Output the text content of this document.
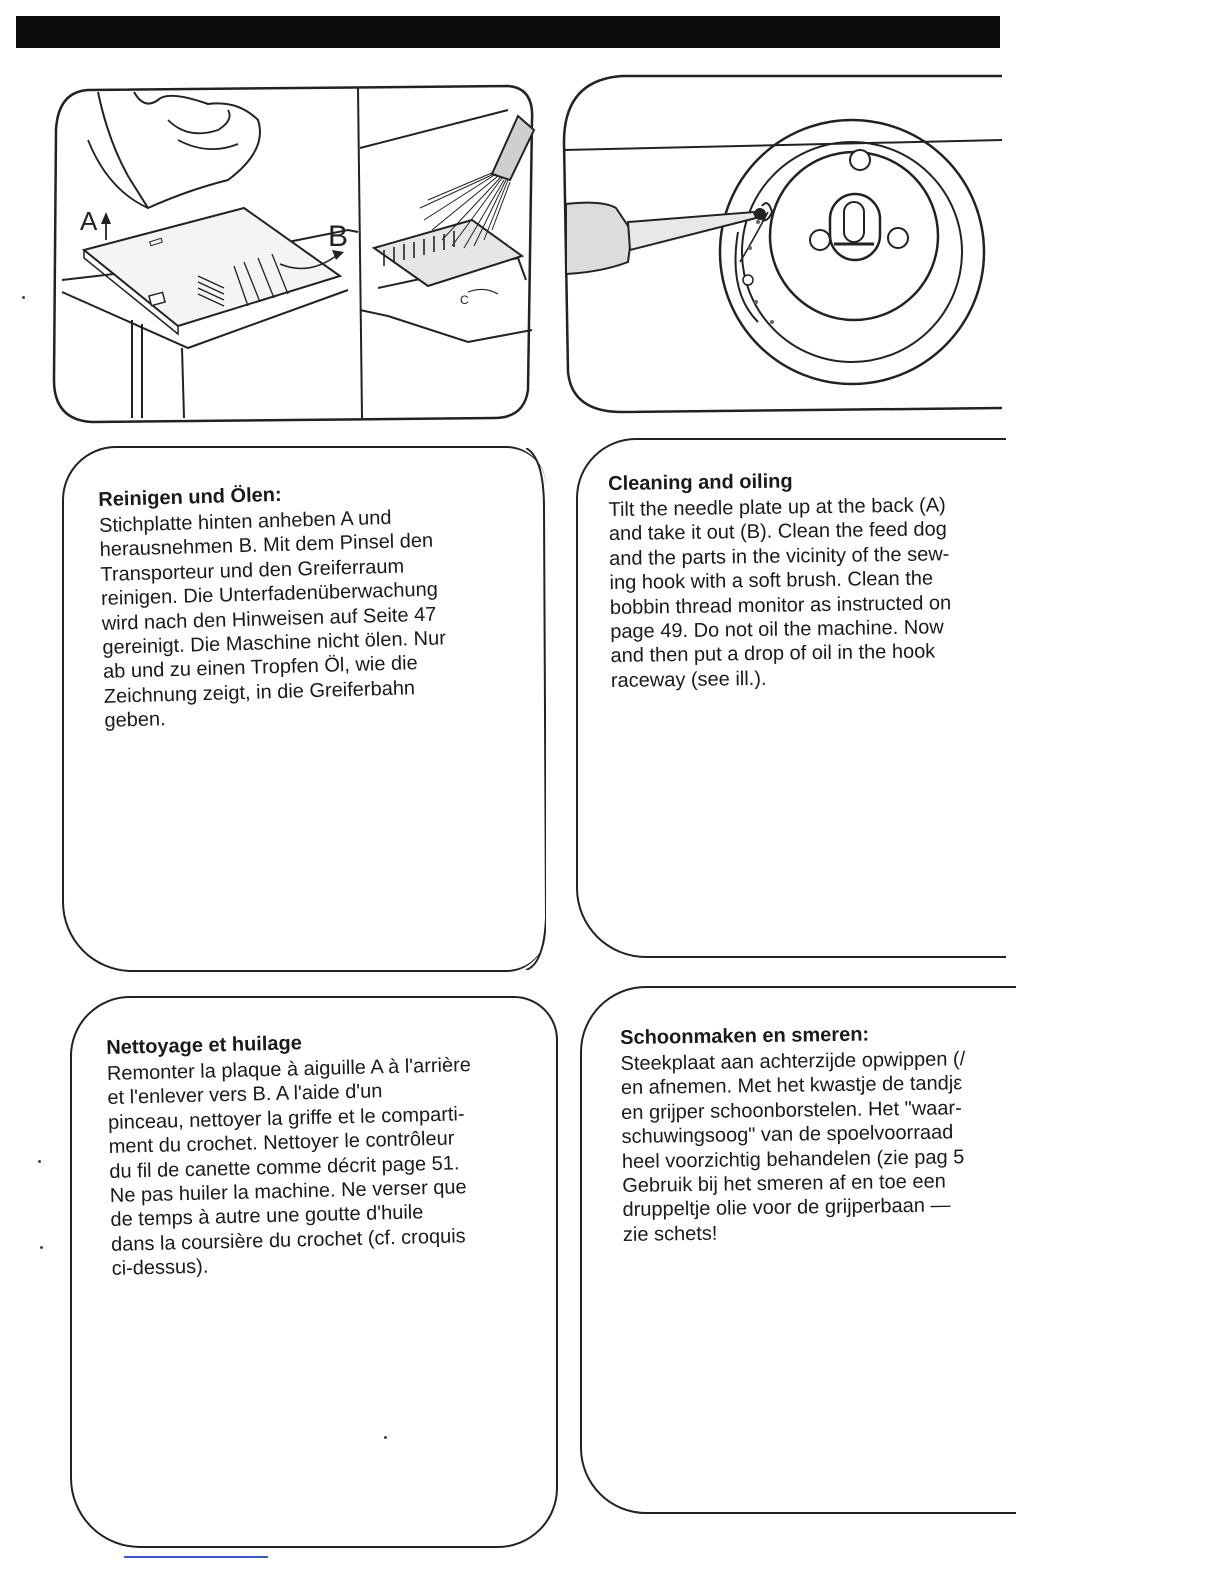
A	B
C

Reinigen und Ölen:

Stichplatte hinten anheben A und
herausnehmen B. Mit dem Pinsel den
Transporteur und den Greiferraum
reinigen. Die Unterfadenüberwachung
wird nach den Hinweisen auf Seite 47
gereinigt. Die Maschine nicht ölen. Nur
ab und zu einen Tropfen Öl, wie die
Zeichnung zeigt, in die Greiferbahn
geben.

Cleaning and oiling

Tilt the needle plate up at the back (A)
and take it out (B). Clean the feed dog
and the parts in the vicinity of the sew-
ing hook with a soft brush. Clean the
bobbin thread monitor as instructed on
page 49. Do not oil the machine. Now
and then put a drop of oil in the hook
raceway (see ill.).

Nettoyage et huilage

Remonter la plaque à aiguille A à l'arrière
et l'enlever vers B. A l'aide d'un
pinceau, nettoyer la griffe et le comparti-
ment du crochet. Nettoyer le contrôleur
du fil de canette comme décrit page 51.
Ne pas huiler la machine. Ne verser que
de temps à autre une goutte d'huile
dans la coursière du crochet (cf. croquis
ci-dessus).

Schoonmaken en smeren:

Steekplaat aan achterzijde opwippen (/
en afnemen. Met het kwastje de tandjε
en grijper schoonborstelen. Het "waar-
schuwingsoog" van de spoelvoorraad
heel voorzichtig behandelen (zie pag 5
Gebruik bij het smeren af en toe een
druppeltje olie voor de grijperbaan —
zie schets!
